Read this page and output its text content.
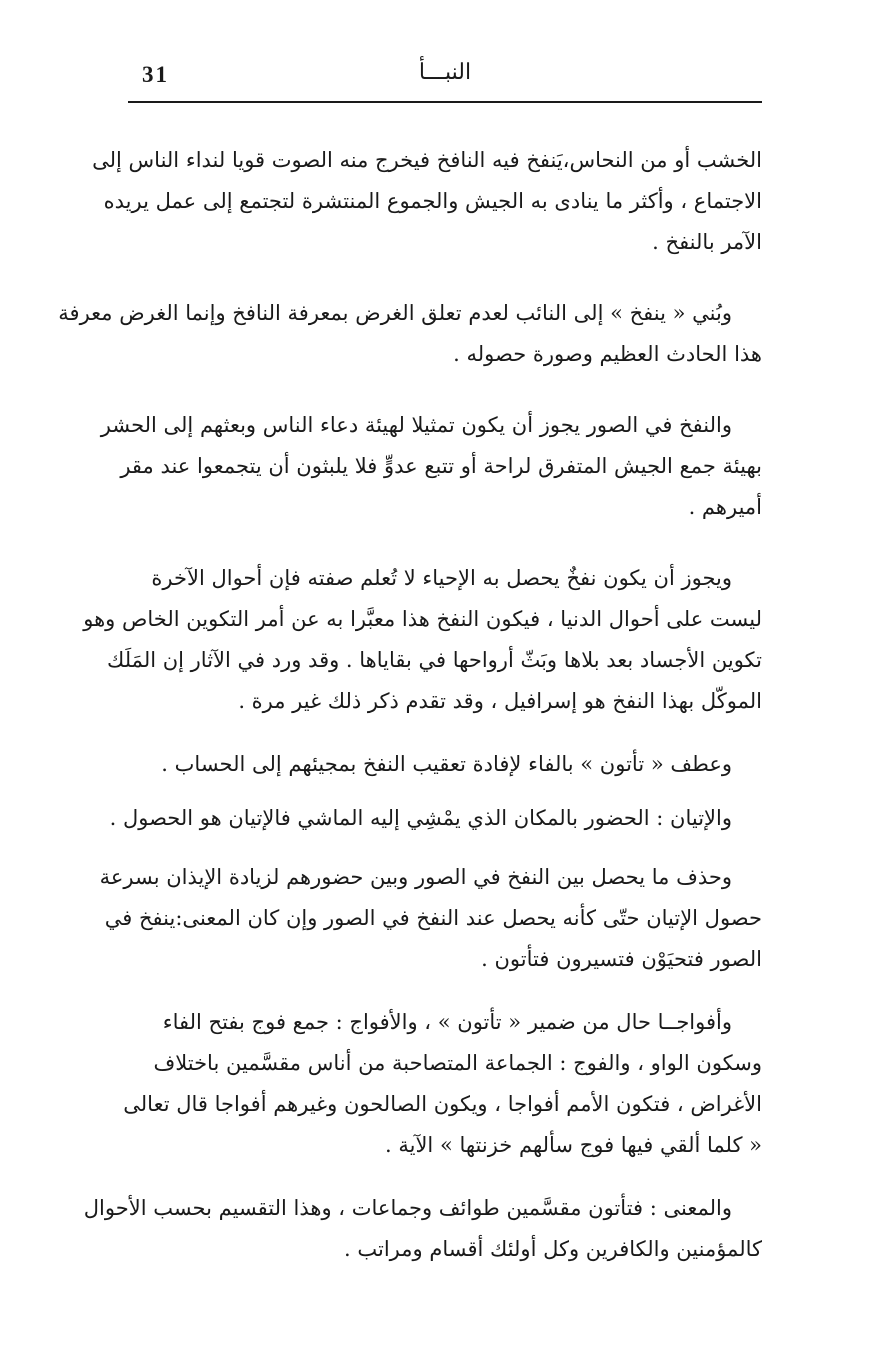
31	النبـــأ

الخشب أو من النحاس،يَنفخ فيه النافخ فيخرج منه الصوت قويا لنداء الناس إلى
الاجتماع ، وأكثر ما ينادى به الجيش والجموع المنتشرة لتجتمع إلى عمل يريده
الآمر بالنفخ .

وبُني « ينفخ » إلى النائب لعدم تعلق الغرض بمعرفة النافخ وإنما الغرض معرفة
هذا الحادث العظيم وصورة حصوله .

والنفخ في الصور يجوز أن يكون تمثيلا لهيئة دعاء الناس وبعثهم إلى الحشر
بهيئة جمع الجيش المتفرق لراحة أو تتبع عدوٍّ فلا يلبثون أن يتجمعوا عند مقر
أميرهم .

ويجوز أن يكون نفخٌ يحصل به الإحياء لا تُعلم صفته فإن أحوال الآخرة
ليست على أحوال الدنيا ، فيكون النفخ هذا معبَّرا به عن أمر التكوين الخاص وهو
تكوين الأجساد بعد بلاها وبَثّ أرواحها في بقاياها . وقد ورد في الآثار إن المَلَك
الموكّل بهذا النفخ هو إسرافيل ، وقد تقدم ذكر ذلك غير مرة .

وعطف « تأتون » بالفاء لإفادة تعقيب النفخ بمجيئهم إلى الحساب .

والإتيان : الحضور بالمكان الذي يمْشِي إليه الماشي فالإتيان هو الحصول .

وحذف ما يحصل بين النفخ في الصور وبين حضورهم لزيادة الإيذان بسرعة
حصول الإتيان حتّى كأنه يحصل عند النفخ في الصور وإن كان المعنى:ينفخ في
الصور فتحيَوْن فتسيرون فتأتون .

وأفواجــا حال من ضمير « تأتون » ، والأفواج : جمع فوج بفتح الفاء
وسكون الواو ، والفوج : الجماعة المتصاحبة من أناس مقسَّمين باختلاف
الأغراض ، فتكون الأمم أفواجا ، ويكون الصالحون وغيرهم أفواجا قال تعالى
« كلما ألقي فيها فوج سألهم خزنتها » الآية .

والمعنى : فتأتون مقسَّمين طوائف وجماعات ، وهذا التقسيم بحسب الأحوال
كالمؤمنين والكافرين وكل أولئك أقسام ومراتب .
